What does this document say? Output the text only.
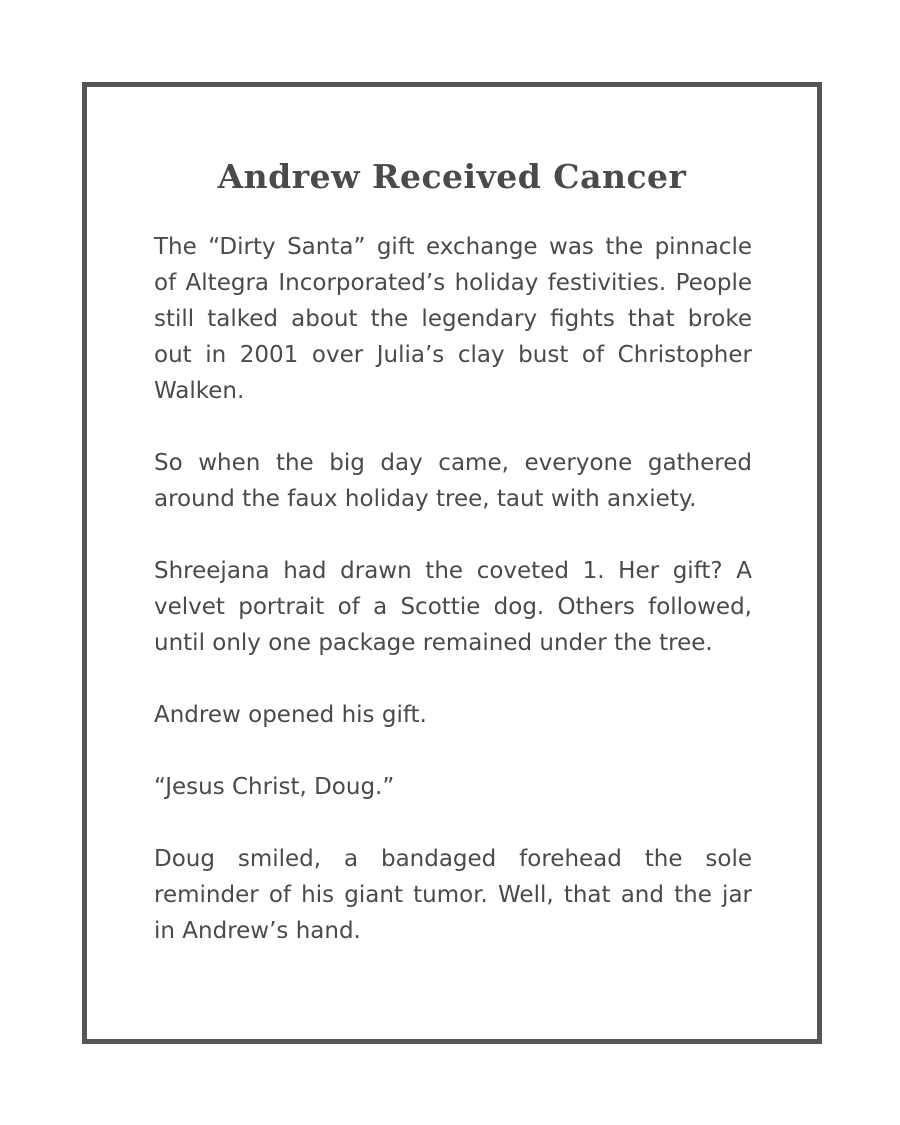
Andrew Received Cancer

The “Dirty Santa” gift exchange was the pinnacle of Altegra Incorporated’s holiday festivities. People still talked about the legendary fights that broke out in 2001 over Julia’s clay bust of Christopher Walken.

So when the big day came, everyone gathered around the faux holiday tree, taut with anxiety.

Shreejana had drawn the coveted 1. Her gift? A velvet portrait of a Scottie dog. Others followed, until only one package remained under the tree.

Andrew opened his gift.

“Jesus Christ, Doug.”

Doug smiled, a bandaged forehead the sole reminder of his giant tumor. Well, that and the jar in Andrew’s hand.
